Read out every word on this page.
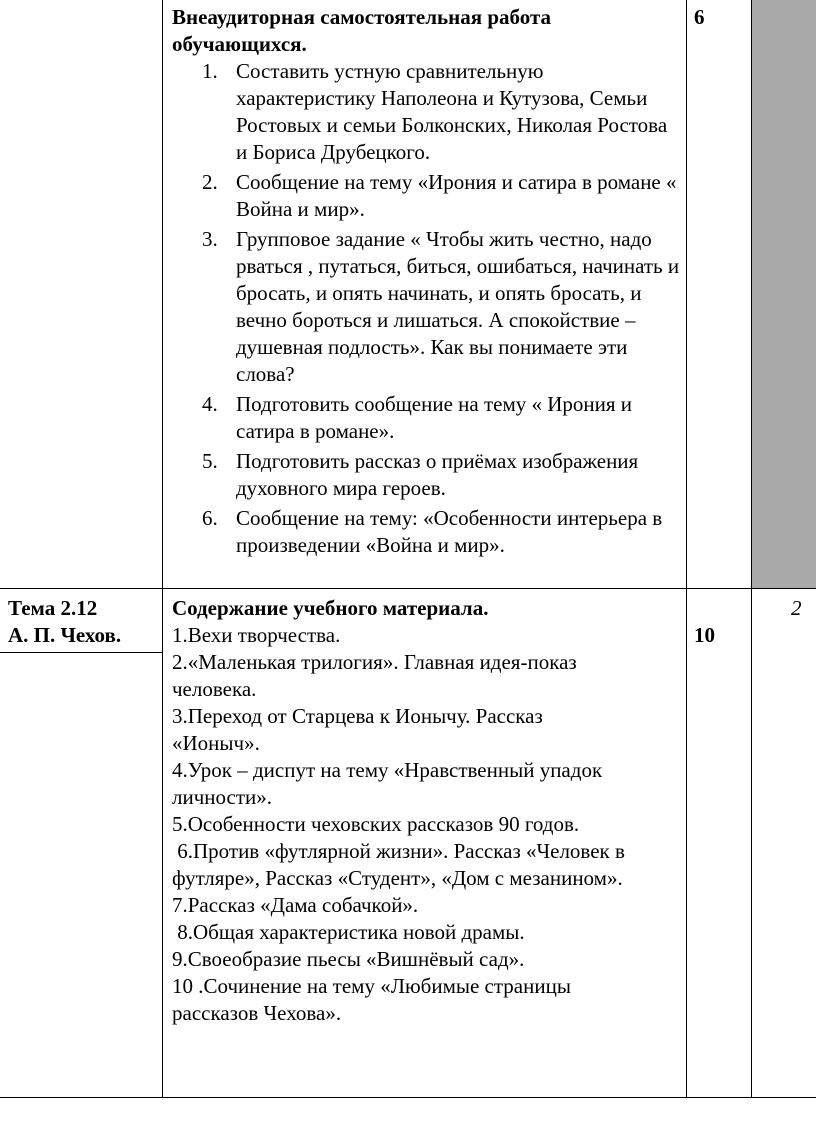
Внеаудиторная самостоятельная работа обучающихся.
1. Составить устную сравнительную характеристику Наполеона и Кутузова, Семьи Ростовых и семьи Болконских, Николая Ростова и Бориса Друбецкого.
2. Сообщение на тему «Ирония и сатира в романе « Война и мир».
3. Групповое задание « Чтобы жить честно, надо рваться , путаться, биться, ошибаться, начинать и бросать, и опять начинать, и опять бросать, и вечно бороться и лишаться. А спокойствие – душевная подлость». Как вы понимаете эти слова?
4. Подготовить сообщение на тему « Ирония и сатира в романе».
5. Подготовить рассказ о приёмах изображения духовного мира героев.
6. Сообщение на тему: «Особенности интерьера в произведении «Война и мир».
6
Тема 2.12
А. П. Чехов.
Содержание учебного материала.

1.Вехи творчества.

2.«Маленькая трилогия». Главная идея-показ человека.

3.Переход от Старцева к Ионычу. Рассказ «Ионыч».

4.Урок – диспут на тему «Нравственный упадок личности».

5.Особенности чеховских рассказов 90 годов.

6.Против «футлярной жизни». Рассказ «Человек в футляре», Рассказ «Студент», «Дом с мезанином».

7.Рассказ «Дама собачкой».

8.Общая характеристика новой драмы.

9.Своеобразие пьесы «Вишнёвый сад».

10 .Сочинение на тему «Любимые страницы рассказов Чехова».

10
2
